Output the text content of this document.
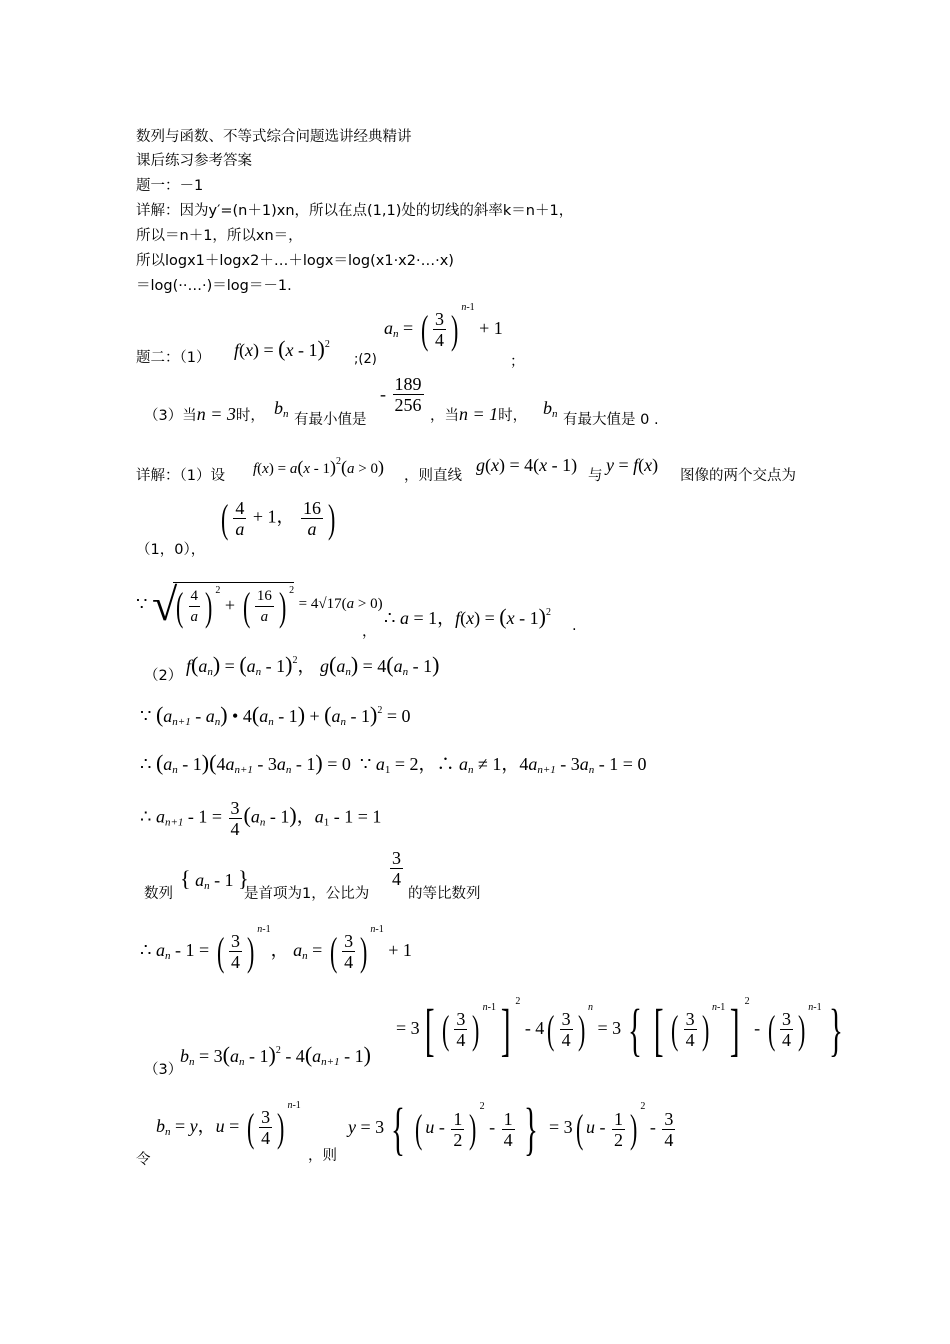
数列与函数、不等式综合问题选讲经典精讲
课后练习参考答案
题一：－1
详解：因为y′=(n＋1)xn，所以在点(1,1)处的切线的斜率k＝n＋1，
所以＝n＋1，所以xn＝，
所以logx1＋logx2＋…＋logx＝log(x1·x2·…·x)
＝log(··…·)＝log＝－1.
题二：（1） f(x) = (x - 1)$^2$
;(2)
$a_n$ = ( $\frac{3}{4}$ ) $^{n-1}$ + 1
；
（3）当n = 3时， $b_n$ 有最小值是
- $\frac{189}{256}$
，当n = 1时， $b_n$ 有最大值是 0 .
详解：（1）设 f(x) = a(x - 1)$^2$(a > 0) ，则直线
g(x) = 4(x - 1)
与
y = f(x)
图像的两个交点为
（1，0），
( $\frac{4}{a} + 1$， $\frac{16}{a}$ )
∵ √( $\frac{4}{a}$ ) $^2$ + ( $\frac{16}{a}$ ) $^2$ = 4√17(a > 0)
，
∴ a = 1，f(x) = (x - 1)$^2$
.
（2） $f(a_n) = (a_n - 1)^2$， $g(a_n) = 4(a_n - 1)$
∵ $(a_{n+1} - a_n)$ • $4(a_n - 1) + (a_n - 1)^2 = 0$
∴ $(a_n - 1)(4a_{n+1} - 3a_n - 1) = 0$  ∵ $a_1 = 2$，∴ $a_n \ne 1$，$4a_{n+1} - 3a_n - 1 = 0$
∴ $a_{n+1} - 1 = \frac{3}{4} (a_n - 1)$，$a_1 - 1 = 1$
数列
{ $a_n - 1$ }
是首项为1，公比为
$\frac{3}{4}$
的等比数列
∴ $a_n - 1$ = ( $\frac{3}{4}$ ) $^{n-1}$， $a_n$ = ( $\frac{3}{4}$ ) $^{n-1}$ + 1
（3）
$b_n = 3(a_n - 1)^2 - 4(a_{n+1} - 1)$
= 3[ ( $\frac{3}{4}$ ) $^{n-1}$] $^2 - 4( \frac{3}{4}$ ) $^n$ = 3 { [ ( $\frac{3}{4}$ ) $^{n-1}$] $^2$ - ( $\frac{3}{4}$ ) $^{n-1}$ }
令
$b_n = y$，u = ( $\frac{3}{4}$ ) $^{n-1}$
，则
y = 3 { ( u - $\frac{1}{2}$ ) $^2 - \frac{1}{4}$ } = 3( u - $\frac{1}{2}$ ) $^2 - \frac{3}{4}$
